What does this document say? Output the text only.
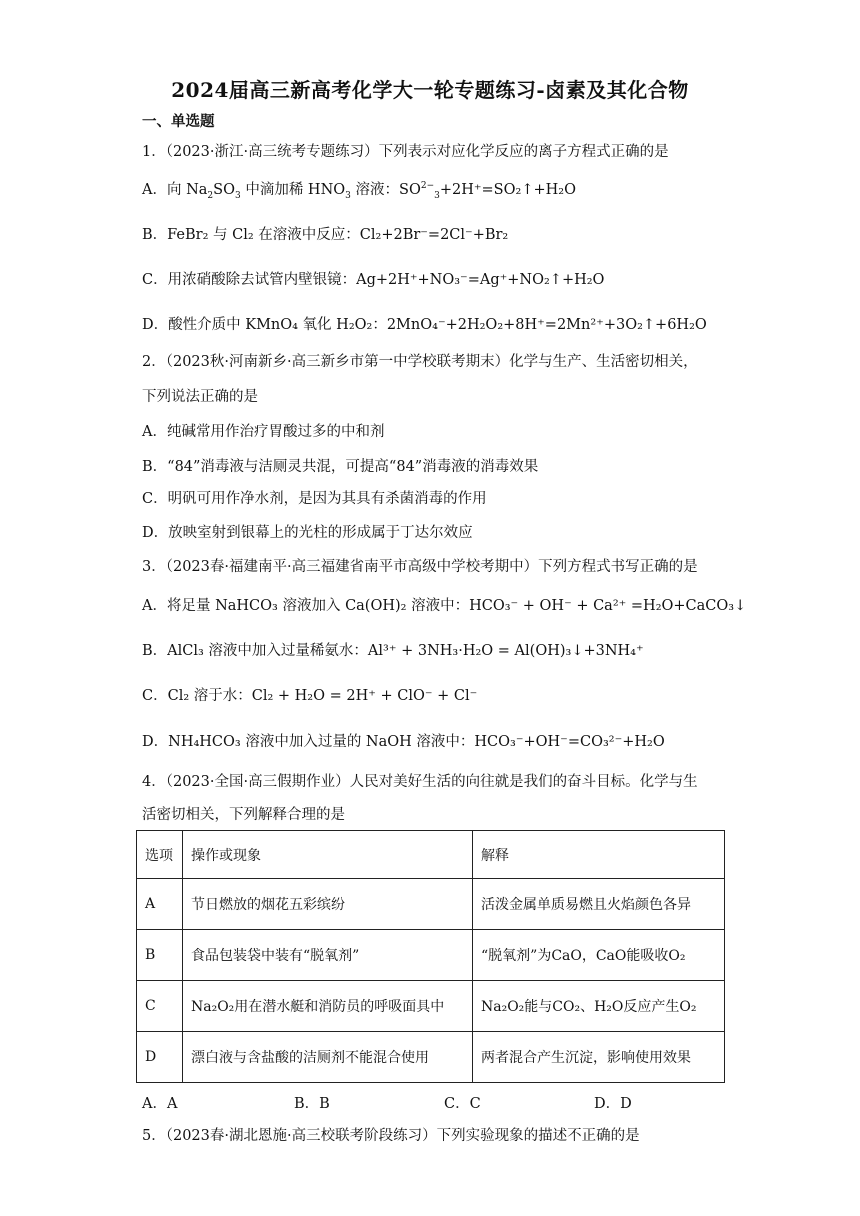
2024届高三新高考化学大一轮专题练习-卤素及其化合物
一、单选题
1．（2023·浙江·高三统考专题练习）下列表示对应化学反应的离子方程式正确的是
A．向 $Na_2SO_3$ 中滴加稀 $HNO_3$ 溶液：$SO^{2-}_3+2H^+=SO_2↑+H_2O$
B．FeBr₂ 与 Cl₂ 在溶液中反应：Cl₂+2Br⁻=2Cl⁻+Br₂
C．用浓硝酸除去试管内壁银镜：Ag+2H⁺+NO₃⁻=Ag⁺+NO₂↑+H₂O
D．酸性介质中 KMnO₄ 氧化 H₂O₂：2MnO₄⁻+2H₂O₂+8H⁺=2Mn²⁺+3O₂↑+6H₂O
2．（2023秋·河南新乡·高三新乡市第一中学校联考期末）化学与生产、生活密切相关，
下列说法正确的是
A．纯碱常用作治疗胃酸过多的中和剂
B．“84”消毒液与洁厕灵共混，可提高“84”消毒液的消毒效果
C．明矾可用作净水剂，是因为其具有杀菌消毒的作用
D．放映室射到银幕上的光柱的形成属于丁达尔效应
3．（2023春·福建南平·高三福建省南平市高级中学校考期中）下列方程式书写正确的是
A．将足量 NaHCO₃ 溶液加入 Ca(OH)₂ 溶液中：HCO₃⁻ + OH⁻ + Ca²⁺ =H₂O+CaCO₃↓
B．AlCl₃ 溶液中加入过量稀氨水：Al³⁺ + 3NH₃·H₂O = Al(OH)₃↓+3NH₄⁺
C．Cl₂ 溶于水：Cl₂ + H₂O = 2H⁺ + ClO⁻ + Cl⁻
D．NH₄HCO₃ 溶液中加入过量的 NaOH 溶液中：HCO₃⁻+OH⁻=CO₃²⁻+H₂O
4．（2023·全国·高三假期作业）人民对美好生活的向往就是我们的奋斗目标。化学与生
活密切相关，下列解释合理的是
选项	操作或现象	解释
A	节日燃放的烟花五彩缤纷	活泼金属单质易燃且火焰颜色各异
B	食品包装袋中装有“脱氧剂”	“脱氧剂”为CaO，CaO能吸收O₂
C	Na₂O₂用在潜水艇和消防员的呼吸面具中	Na₂O₂能与CO₂、H₂O反应产生O₂
D	漂白液与含盐酸的洁厕剂不能混合使用	两者混合产生沉淀，影响使用效果
A．A	B．B	C．C	D．D
5．（2023春·湖北恩施·高三校联考阶段练习）下列实验现象的描述不正确的是
